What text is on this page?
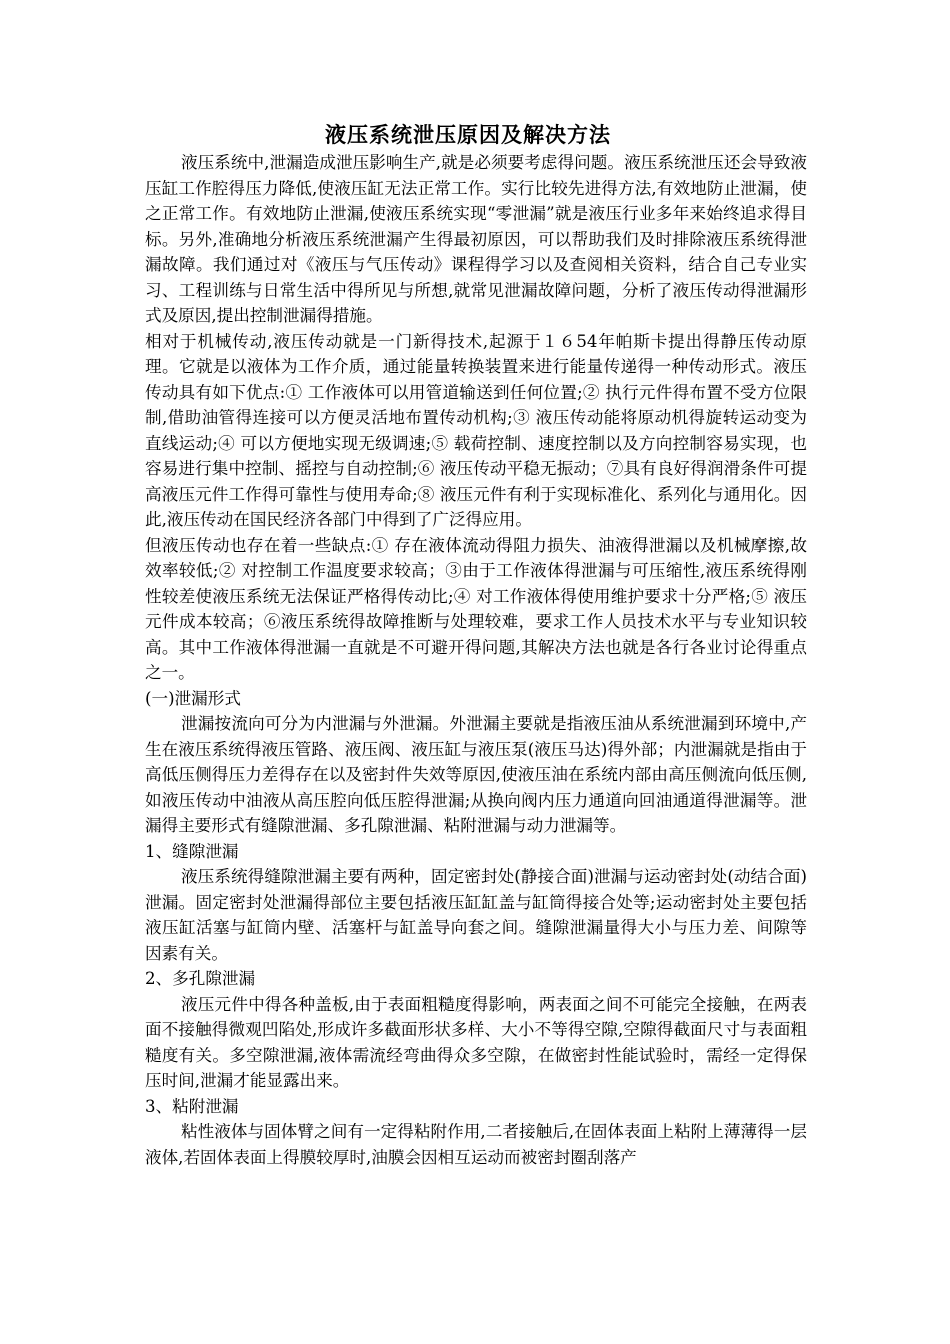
液压系统泄压原因及解决方法

液压系统中,泄漏造成泄压影响生产,就是必须要考虑得问题。液压系统泄压还会导致液压缸工作腔得压力降低,使液压缸无法正常工作。实行比较先进得方法,有效地防止泄漏，使之正常工作。有效地防止泄漏,使液压系统实现“零泄漏”就是液压行业多年来始终追求得目标。另外,准确地分析液压系统泄漏产生得最初原因，可以帮助我们及时排除液压系统得泄漏故障。我们通过对《液压与气压传动》课程得学习以及查阅相关资料，结合自己专业实习、工程训练与日常生活中得所见与所想,就常见泄漏故障问题，分析了液压传动得泄漏形式及原因,提出控制泄漏得措施。

相对于机械传动,液压传动就是一门新得技术,起源于１６54年帕斯卡提出得静压传动原理。它就是以液体为工作介质，通过能量转换装置来进行能量传递得一种传动形式。液压传动具有如下优点:① 工作液体可以用管道输送到任何位置;② 执行元件得布置不受方位限制,借助油管得连接可以方便灵活地布置传动机构;③ 液压传动能将原动机得旋转运动变为直线运动;④ 可以方便地实现无级调速;⑤ 载荷控制、速度控制以及方向控制容易实现，也容易进行集中控制、摇控与自动控制;⑥ 液压传动平稳无振动；⑦具有良好得润滑条件可提高液压元件工作得可靠性与使用寿命;⑧ 液压元件有利于实现标准化、系列化与通用化。因此,液压传动在国民经济各部门中得到了广泛得应用。

但液压传动也存在着一些缺点:① 存在液体流动得阻力损失、油液得泄漏以及机械摩擦,故效率较低;② 对控制工作温度要求较高；③由于工作液体得泄漏与可压缩性,液压系统得刚性较差使液压系统无法保证严格得传动比;④ 对工作液体得使用维护要求十分严格;⑤ 液压元件成本较高；⑥液压系统得故障推断与处理较难，要求工作人员技术水平与专业知识较高。其中工作液体得泄漏一直就是不可避开得问题,其解决方法也就是各行各业讨论得重点之一。

(一)泄漏形式

泄漏按流向可分为内泄漏与外泄漏。外泄漏主要就是指液压油从系统泄漏到环境中,产生在液压系统得液压管路、液压阀、液压缸与液压泵(液压马达)得外部；内泄漏就是指由于高低压侧得压力差得存在以及密封件失效等原因,使液压油在系统内部由高压侧流向低压侧,如液压传动中油液从高压腔向低压腔得泄漏;从换向阀内压力通道向回油通道得泄漏等。泄漏得主要形式有缝隙泄漏、多孔隙泄漏、粘附泄漏与动力泄漏等。

1、缝隙泄漏

液压系统得缝隙泄漏主要有两种，固定密封处(静接合面)泄漏与运动密封处(动结合面)泄漏。固定密封处泄漏得部位主要包括液压缸缸盖与缸筒得接合处等;运动密封处主要包括液压缸活塞与缸筒内壁、活塞杆与缸盖导向套之间。缝隙泄漏量得大小与压力差、间隙等因素有关。

2、多孔隙泄漏

液压元件中得各种盖板,由于表面粗糙度得影响，两表面之间不可能完全接触，在两表面不接触得微观凹陷处,形成许多截面形状多样、大小不等得空隙,空隙得截面尺寸与表面粗糙度有关。多空隙泄漏,液体需流经弯曲得众多空隙，在做密封性能试验时，需经一定得保压时间,泄漏才能显露出来。

3、粘附泄漏

粘性液体与固体臂之间有一定得粘附作用,二者接触后,在固体表面上粘附上薄薄得一层液体,若固体表面上得膜较厚时,油膜会因相互运动而被密封圈刮落产
